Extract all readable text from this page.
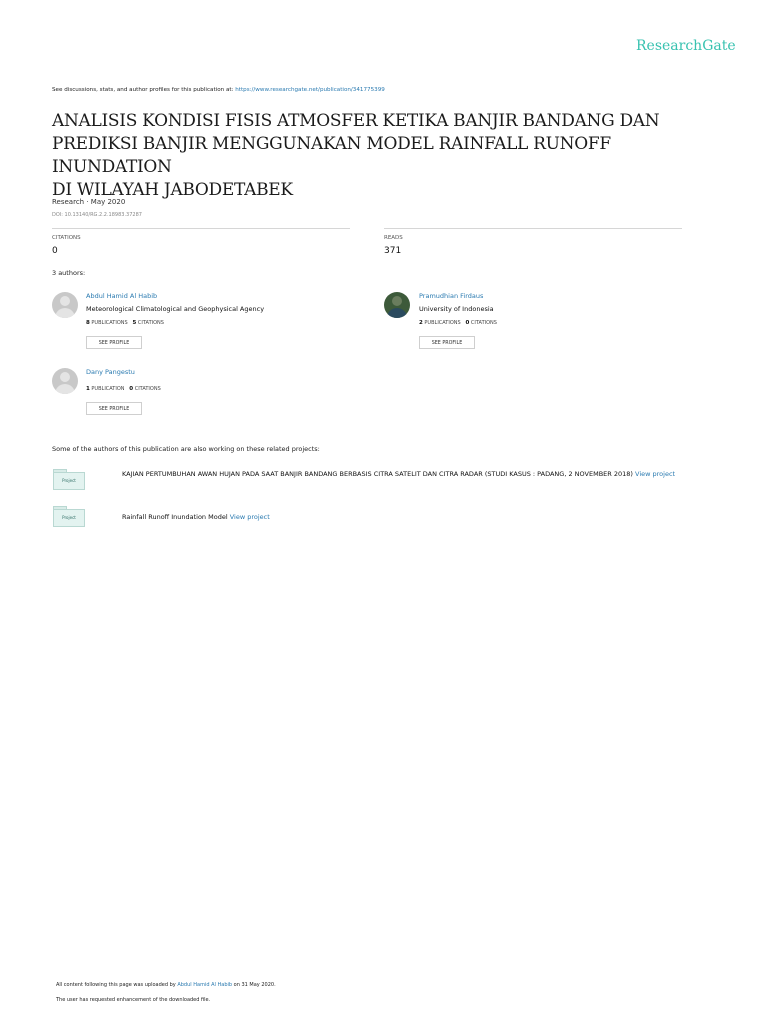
ResearchGate
See discussions, stats, and author profiles for this publication at: https://www.researchgate.net/publication/341775399
ANALISIS KONDISI FISIS ATMOSFER KETIKA BANJIR BANDANG DAN
PREDIKSI BANJIR MENGGUNAKAN MODEL RAINFALL RUNOFF INUNDATION
DI WILAYAH JABODETABEK
Research · May 2020
DOI: 10.13140/RG.2.2.18983.37287
CITATIONS
0
READS
371
3 authors:
Abdul Hamid Al Habib
Meteorological Climatological and Geophysical Agency
8 PUBLICATIONS 5 CITATIONS
SEE PROFILE
Pramudhian Firdaus
University of Indonesia
2 PUBLICATIONS 0 CITATIONS
SEE PROFILE
Dany Pangestu
1 PUBLICATION 0 CITATIONS
SEE PROFILE
Some of the authors of this publication are also working on these related projects:
Project
KAJIAN PERTUMBUHAN AWAN HUJAN PADA SAAT BANJIR BANDANG BERBASIS CITRA SATELIT DAN CITRA RADAR (STUDI KASUS : PADANG, 2 NOVEMBER 2018) View project
Project	Rainfall Runoff Inundation Model View project
All content following this page was uploaded by Abdul Hamid Al Habib on 31 May 2020.
The user has requested enhancement of the downloaded file.
